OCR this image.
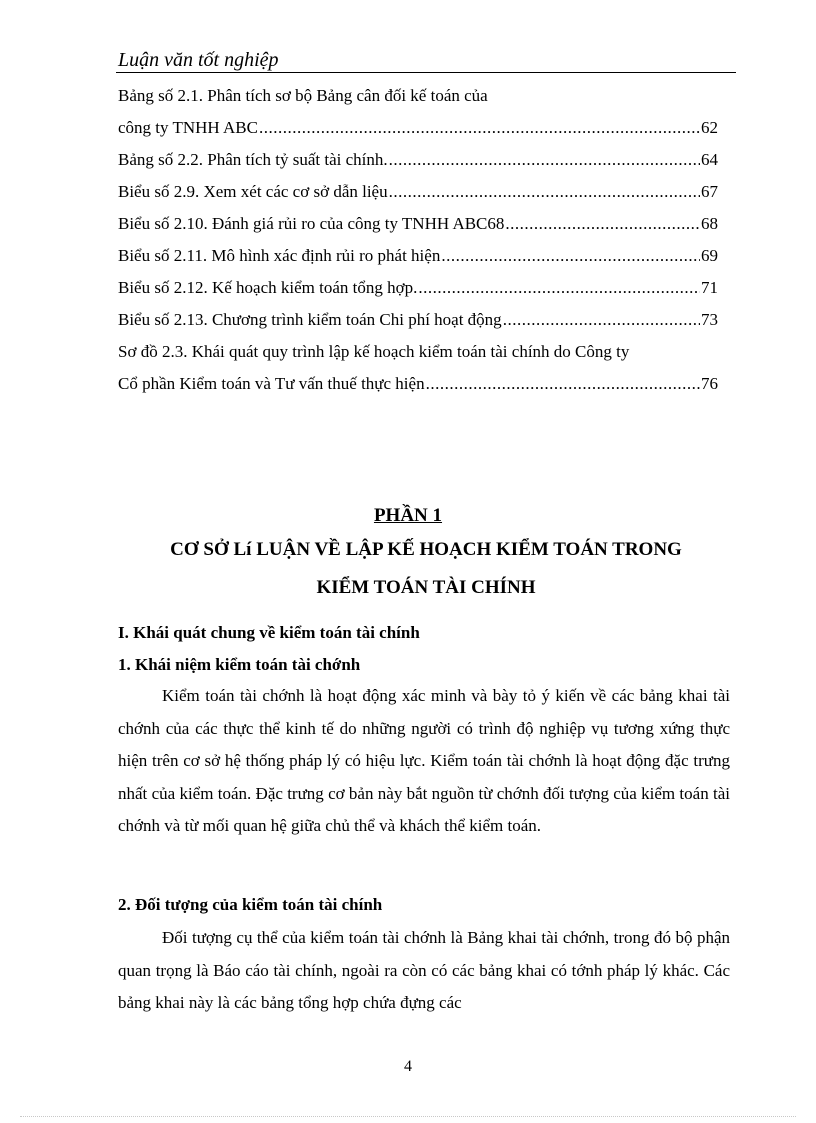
Luận văn tốt nghiệp
Bảng số 2.1. Phân tích sơ bộ Bảng cân đối kế toán của
công ty TNHH ABC .....	62
Bảng số 2.2. Phân tích tỷ suất tài chính. .....	64
Biểu số 2.9. Xem xét các cơ sở dẫn liệu .....	67
Biểu số 2.10. Đánh giá rủi ro của công ty TNHH ABC68 .....	68
Biểu số 2.11. Mô hình xác định rủi ro phát hiện .....	69
Biểu số 2.12. Kế hoạch kiểm toán tổng hợp. .....	71
Biểu số 2.13. Chương trình kiểm toán Chi phí hoạt động .....	73
Sơ đồ 2.3. Khái quát quy trình lập kế hoạch kiểm toán tài chính do Công ty
Cổ phần Kiểm toán và Tư vấn thuế thực hiện .....	76
PHẦN 1
CƠ SỞ Lí LUẬN VỀ LẬP KẾ HOẠCH KIỂM TOÁN TRONG
KIỂM TOÁN TÀI CHÍNH
I. Khái quát chung về kiểm toán tài chính
1. Khái niệm kiểm toán tài chớnh

Kiểm toán tài chớnh là hoạt động xác minh và bày tỏ ý kiến về các bảng khai tài chớnh của các thực thể kinh tế do những người có trình độ nghiệp vụ tương xứng thực hiện trên cơ sở hệ thống pháp lý có hiệu lực. Kiểm toán tài chớnh là hoạt động đặc trưng nhất của kiểm toán. Đặc trưng cơ bản này bắt nguồn từ chớnh đối tượng của kiểm toán tài chớnh và từ mối quan hệ giữa chủ thể và khách thể kiểm toán.

2. Đối tượng của kiểm toán tài chính

Đối tượng cụ thể của kiểm toán tài chớnh là Bảng khai tài chớnh, trong đó bộ phận quan trọng là Báo cáo tài chính, ngoài ra còn có các bảng khai có tớnh pháp lý khác. Các bảng khai này là các bảng tổng hợp chứa đựng các

4
